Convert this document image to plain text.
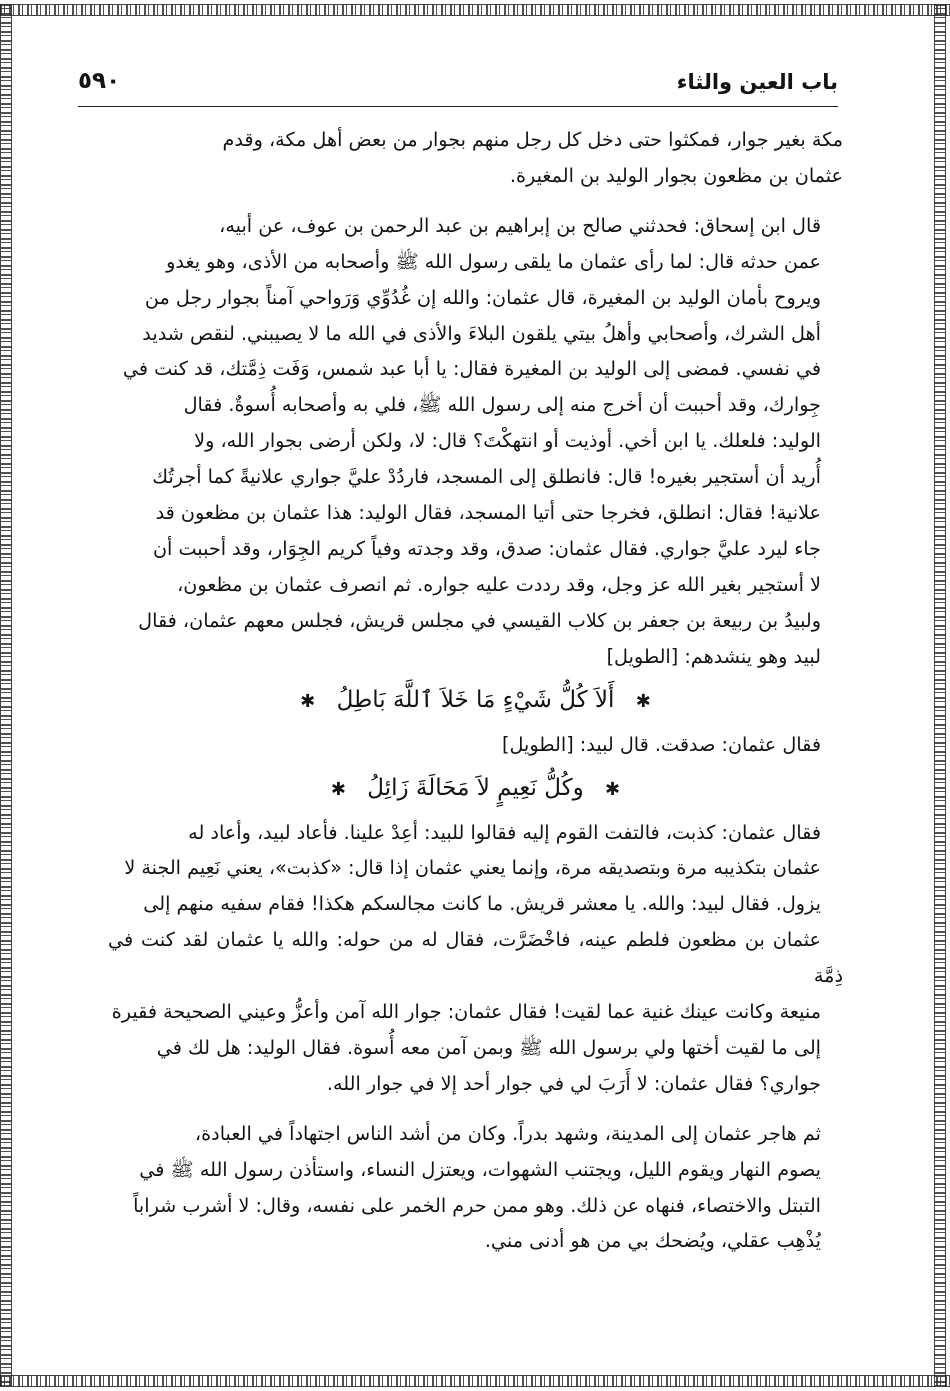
باب العين والثاء
٥٩٠

مكة بغير جوار، فمكثوا حتى دخل كل رجل منهم بجوار من بعض أهل مكة، وقدم
عثمان بن مظعون بجوار الوليد بن المغيرة.

قال ابن إسحاق: فحدثني صالح بن إبراهيم بن عبد الرحمن بن عوف، عن أبيه،
عمن حدثه قال: لما رأى عثمان ما يلقى رسول الله ﷺ وأصحابه من الأذى، وهو يغدو
ويروح بأمان الوليد بن المغيرة، قال عثمان: والله إن غُدُوِّي وَرَواحي آمناً بجوار رجل من
أهل الشرك، وأصحابي وأهلُ بيتي يلقون البلاءَ والأذى في الله ما لا يصيبني. لنقص شديد
في نفسي. فمضى إلى الوليد بن المغيرة فقال: يا أبا عبد شمس، وَفَت ذِمَّتك، قد كنت في
جِوارك، وقد أحببت أن أخرج منه إلى رسول الله ﷺ، فلي به وأصحابه أُسوةٌ. فقال
الوليد: فلعلك. يا ابن أخي. أوذيت أو انتهكْتَ؟ قال: لا، ولكن أرضى بجوار الله، ولا
أُريد أن أستجير بغيره! قال: فانطلق إلى المسجد، فاردُدْ عليَّ جواري علانيةً كما أجرتُك
علانية! فقال: انطلق، فخرجا حتى أتيا المسجد، فقال الوليد: هذا عثمان بن مظعون قد
جاء ليرد عليَّ جواري. فقال عثمان: صدق، وقد وجدته وفياً كريم الجِوَار، وقد أحببت أن
لا أستجير بغير الله عز وجل، وقد رددت عليه جواره. ثم انصرف عثمان بن مظعون،
ولبيدُ بن ربيعة بن جعفر بن كلاب القيسي في مجلس قريش، فجلس معهم عثمان، فقال
لبيد وهو ينشدهم: [الطويل]

✱ أَلاَ كُلُّ شَيْءٍ مَا خَلاَ ٱللَّهَ بَاطِلُ ✱

فقال عثمان: صدقت. قال لبيد: [الطويل]

✱ وكُلُّ نَعِيمٍ لاَ مَحَالَةَ زَائِلُ ✱

فقال عثمان: كذبت، فالتفت القوم إليه فقالوا للبيد: أعِدْ علينا. فأعاد لبيد، وأعاد له
عثمان بتكذيبه مرة وبتصديقه مرة، وإنما يعني عثمان إذا قال: «كذبت»، يعني نَعِيم الجنة لا
يزول. فقال لبيد: والله. يا معشر قريش. ما كانت مجالسكم هكذا! فقام سفيه منهم إلى
عثمان بن مظعون فلطم عينه، فاخْضَرَّت، فقال له من حوله: والله يا عثمان لقد كنت في ذِمَّة
منيعة وكانت عينك غنية عما لقيت! فقال عثمان: جوار الله آمن وأعزُّ وعيني الصحيحة فقيرة
إلى ما لقيت أختها ولي برسول الله ﷺ وبمن آمن معه أُسوة. فقال الوليد: هل لك في
جواري؟ فقال عثمان: لا أَرَبَ لي في جوار أحد إلا في جوار الله.

ثم هاجر عثمان إلى المدينة، وشهد بدراً. وكان من أشد الناس اجتهاداً في العبادة،
يصوم النهار ويقوم الليل، ويجتنب الشهوات، ويعتزل النساء، واستأذن رسول الله ﷺ في
التبتل والاختصاء، فنهاه عن ذلك. وهو ممن حرم الخمر على نفسه، وقال: لا أشرب شراباً
يُذْهِب عقلي، ويُضحك بي من هو أدنى مني.
